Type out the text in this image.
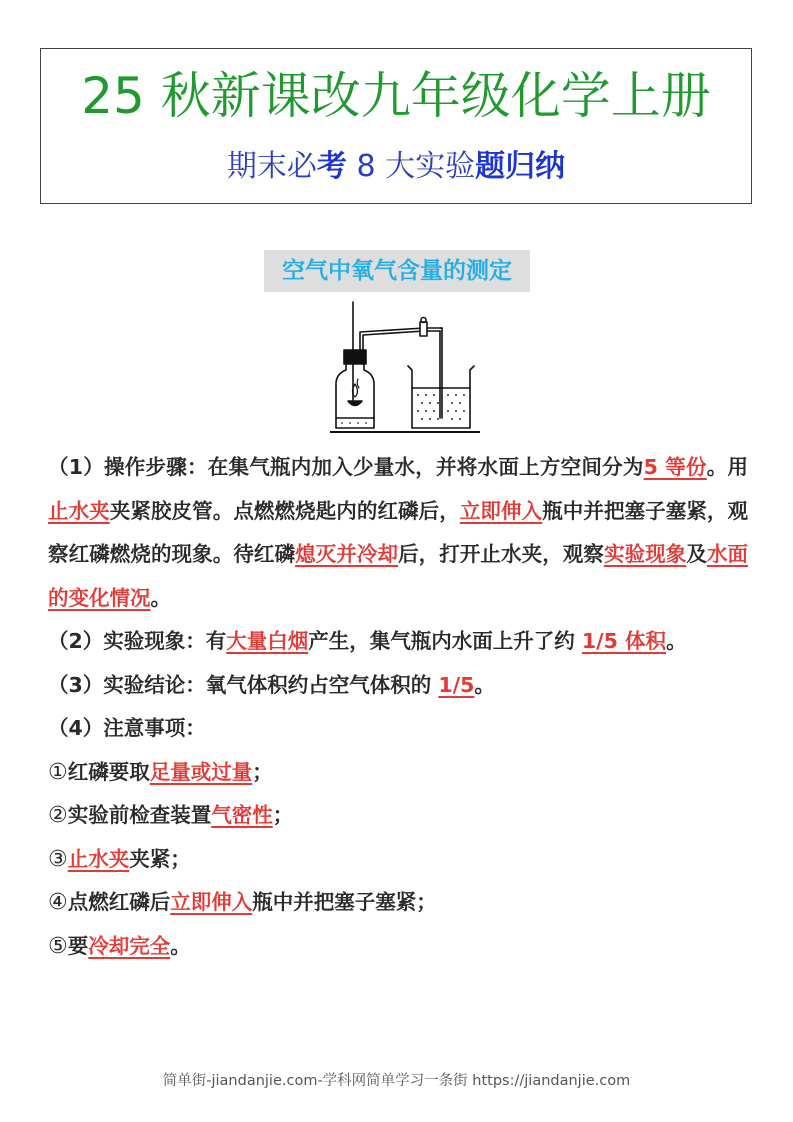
25 秋新课改九年级化学上册
期末必考 8 大实验题归纳
空气中氧气含量的测定

（1）操作步骤：在集气瓶内加入少量水，并将水面上方空间分为5 等份。用止水夹夹紧胶皮管。点燃燃烧匙内的红磷后，立即伸入瓶中并把塞子塞紧，观察红磷燃烧的现象。待红磷熄灭并冷却后，打开止水夹，观察实验现象及水面的变化情况。

（2）实验现象：有大量白烟产生，集气瓶内水面上升了约 1/5 体积。

（3）实验结论：氧气体积约占空气体积的 1/5。

（4）注意事项：

①红磷要取足量或过量；

②实验前检查装置气密性；

③止水夹夹紧；

④点燃红磷后立即伸入瓶中并把塞子塞紧；

⑤要冷却完全。

简单街-jiandanjie.com-学科网简单学习一条街 https://jiandanjie.com
